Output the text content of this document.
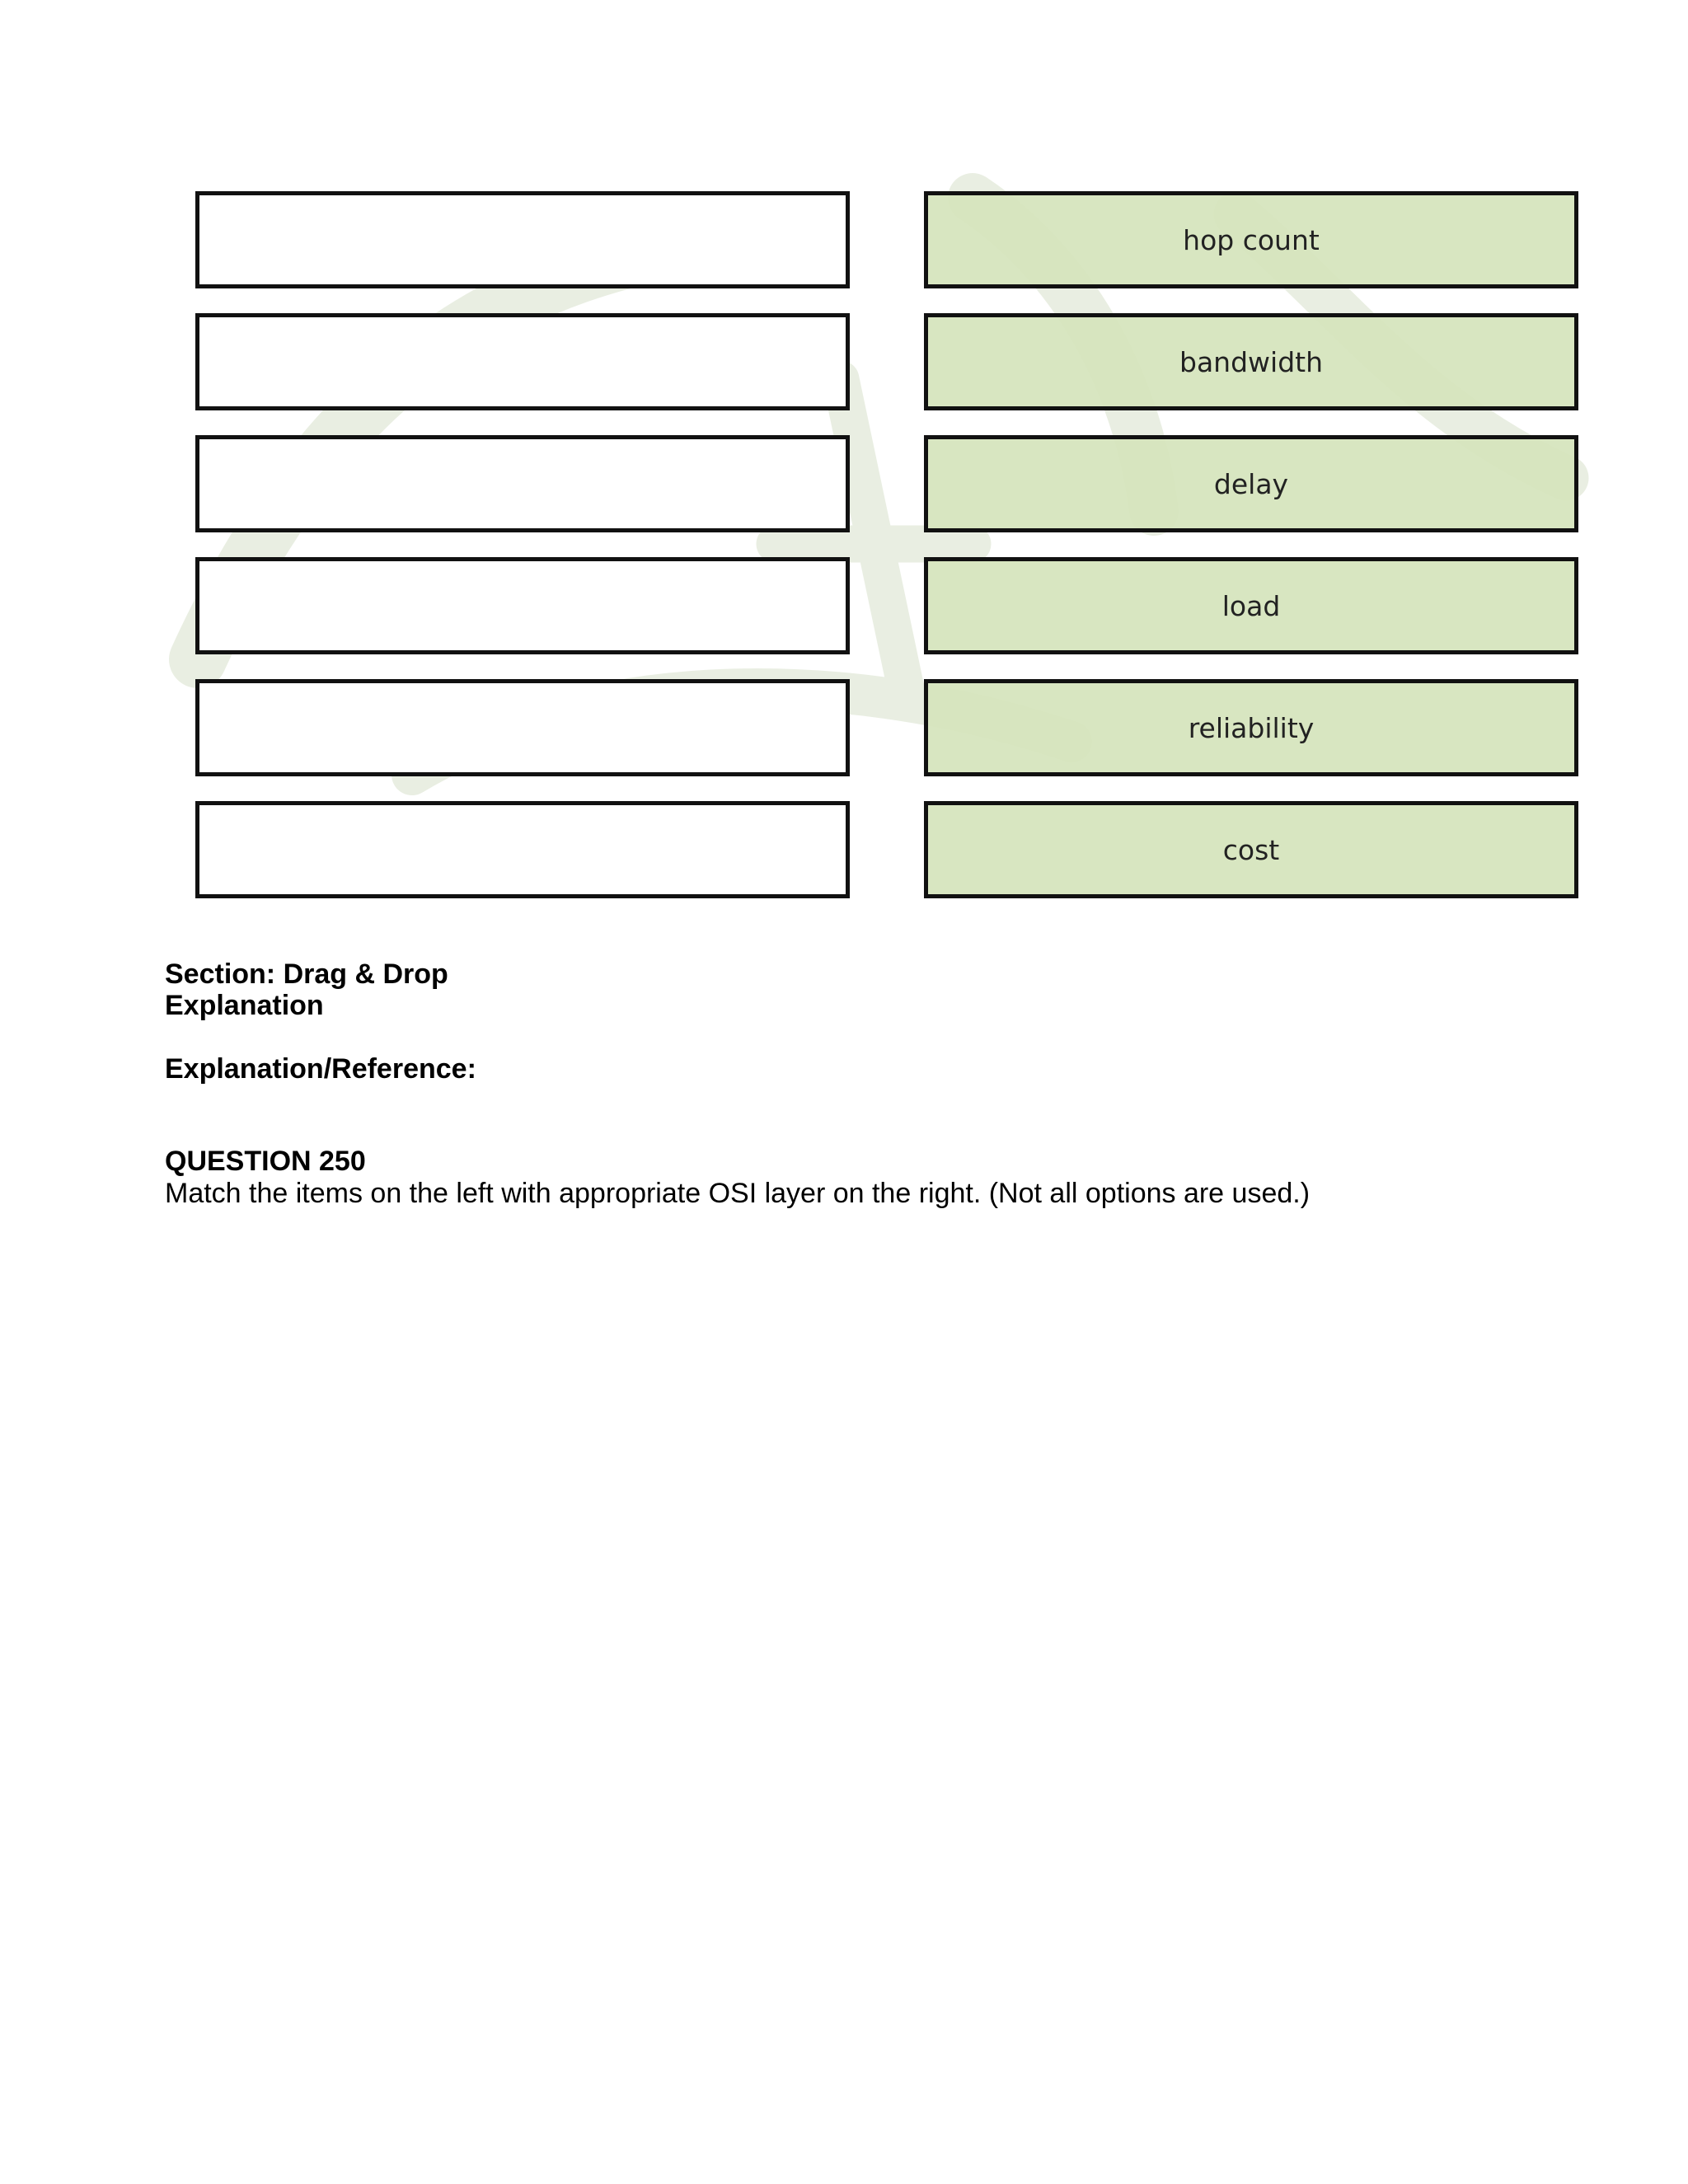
hop count
bandwidth
delay
load
reliability
cost
Section: Drag & Drop
Explanation
Explanation/Reference:
QUESTION 250
Match the items on the left with appropriate OSI layer on the right. (Not all options are used.)
